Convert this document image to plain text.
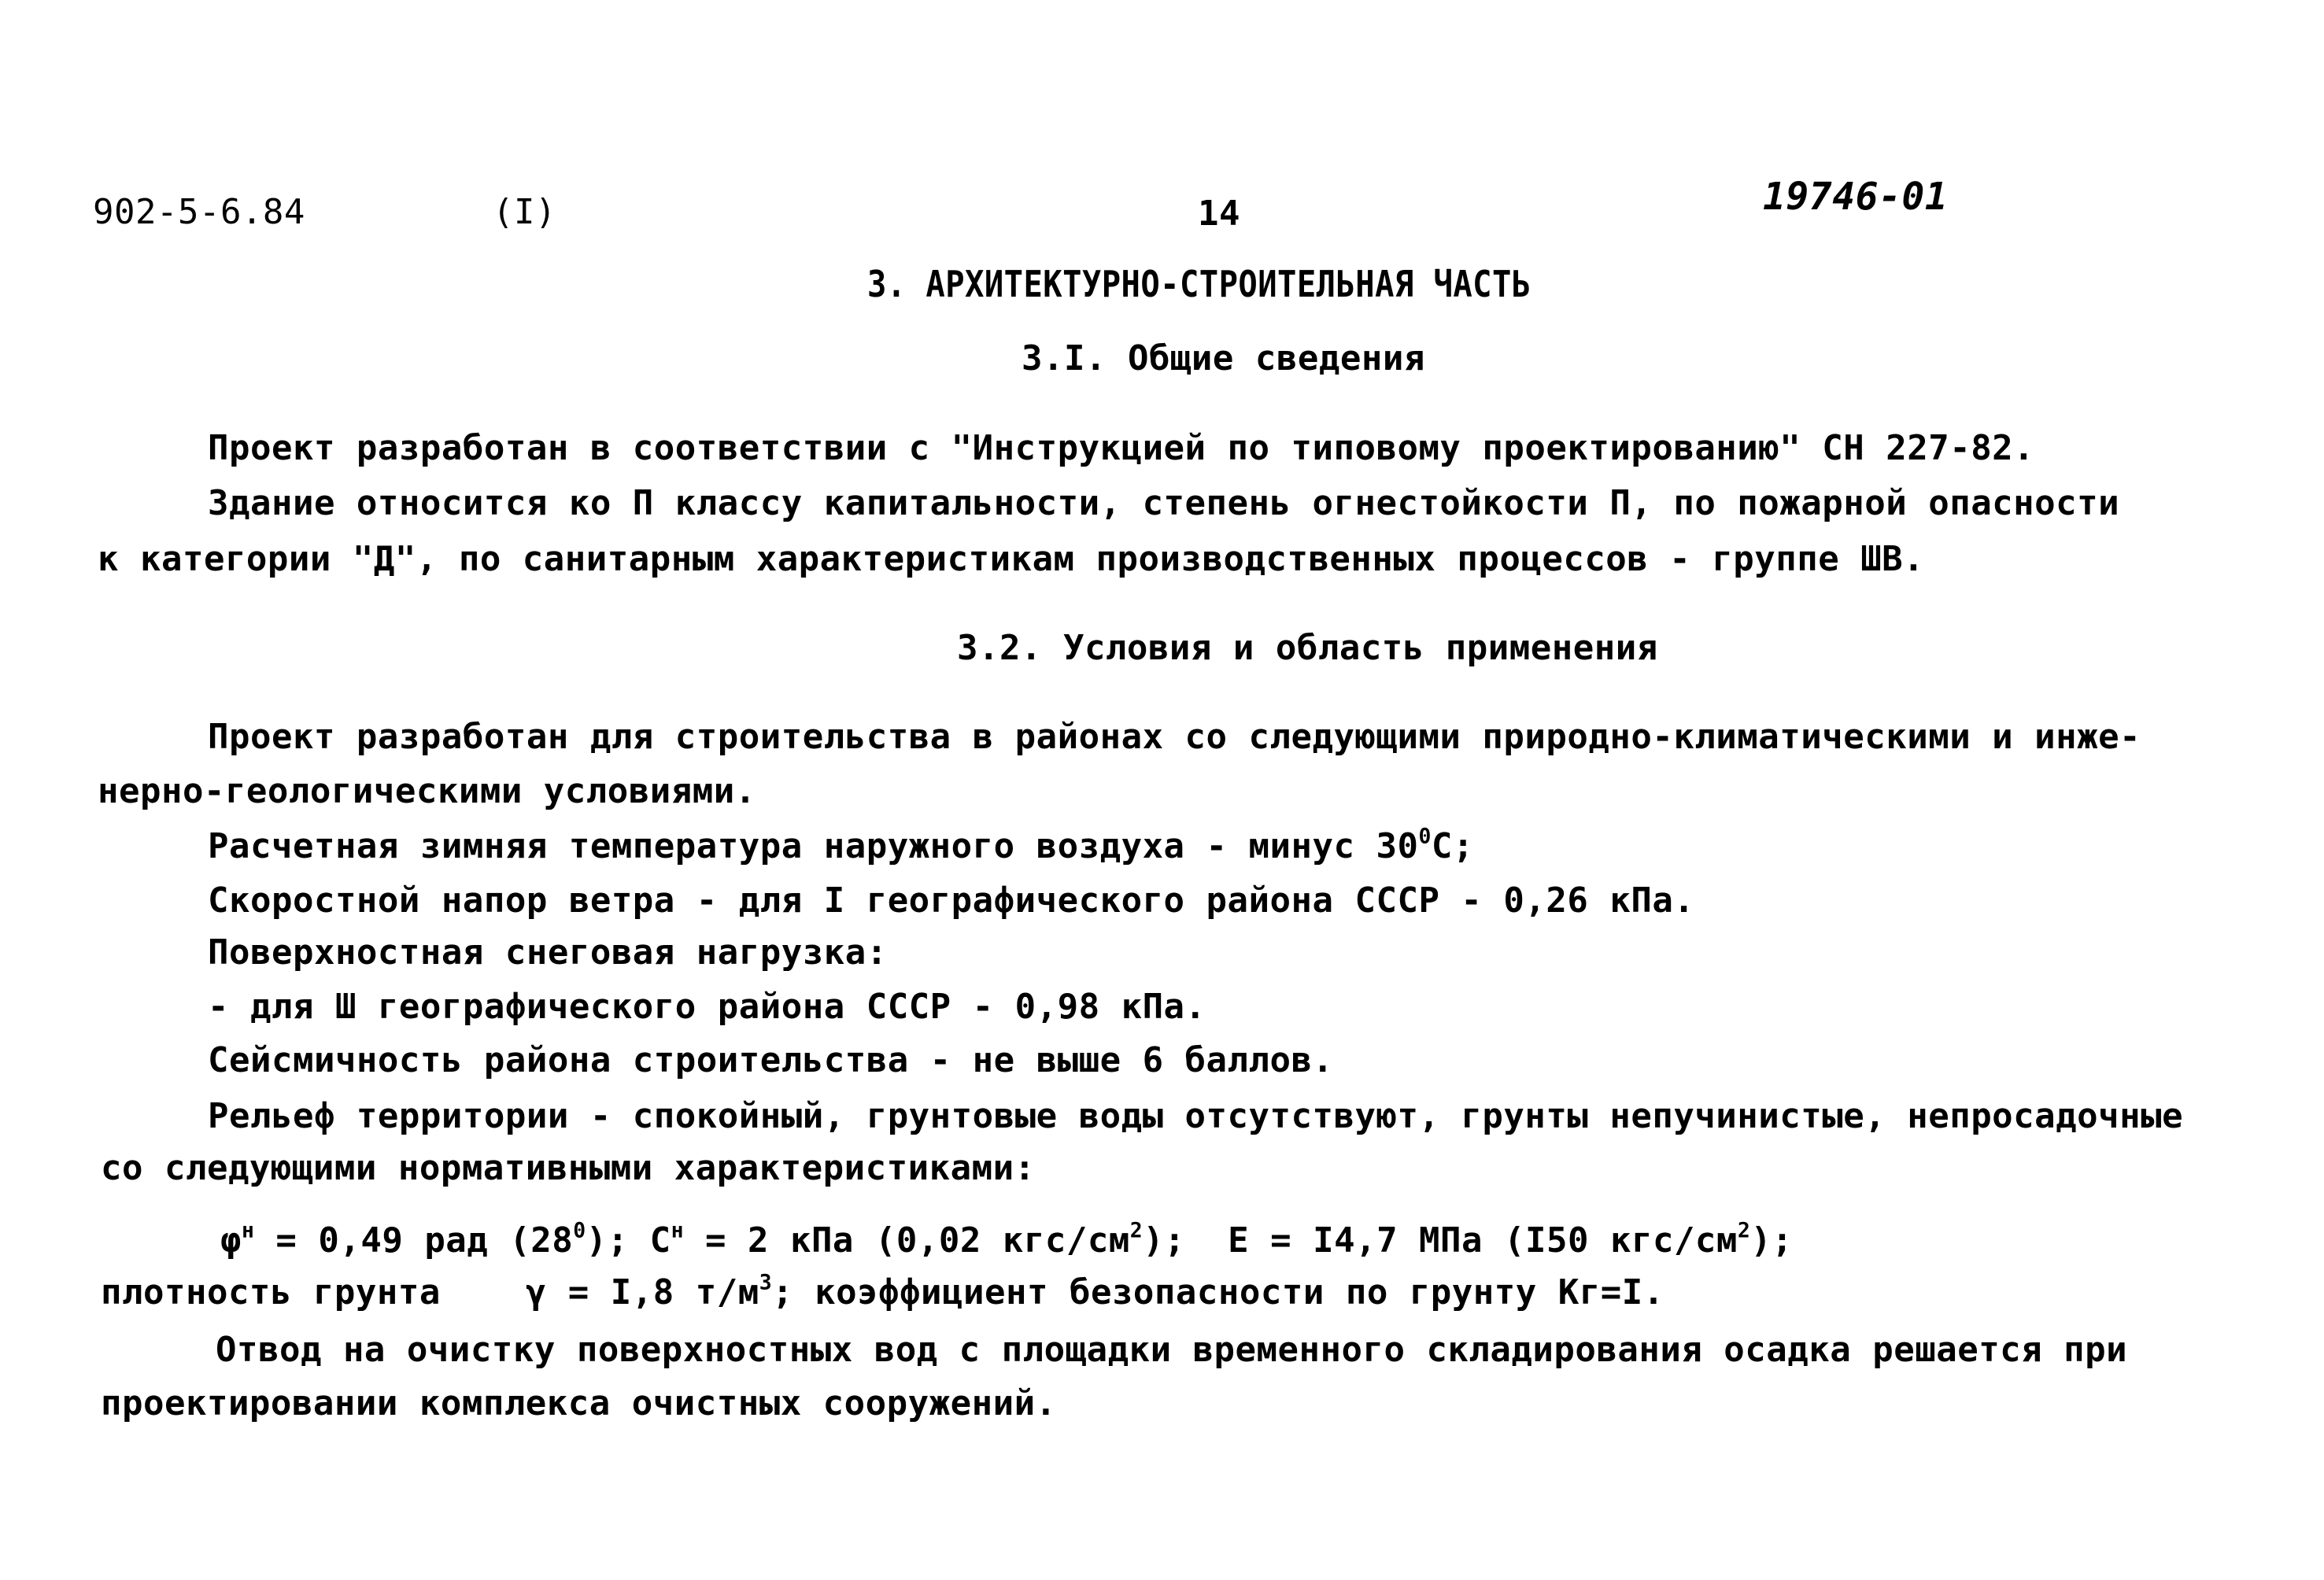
902-5-6.84	(I)	14	19746-01
3. АРХИТЕКТУРНО-СТРОИТЕЛЬНАЯ ЧАСТЬ
3.I. Общие сведения
Проект разработан в соответствии с "Инструкцией по типовому проектированию" СН 227-82.
Здание относится ко П классу капитальности, степень огнестойкости П, по пожарной опасности
к категории "Д", по санитарным характеристикам производственных процессов - группе ШВ.
3.2. Условия и область применения
Проект разработан для строительства в районах со следующими природно-климатическими и инже-
нерно-геологическими условиями.
Расчетная зимняя температура наружного воздуха - минус $30^0C$;
Скоростной напор ветра - для I географического района СССР - 0,26 кПа.
Поверхностная снеговая нагрузка:
- для Ш географического района СССР - 0,98 кПа.
Сейсмичность района строительства - не выше 6 баллов.
Рельеф территории - спокойный, грунтовые воды отсутствуют, грунты непучинистые, непросадочные
со следующими нормативными характеристиками:
$\varphi^н = 0,49$ рад $(28^0)$; $С^н = 2$ кПа (0,02 кгс/$см^2$);  Е = I4,7 МПа (I50 кгс/$см^2$);
плотность грунта    γ = I,8 $т/м^3$; коэффициент безопасности по грунту Кг=I.
Отвод на очистку поверхностных вод с площадки временного складирования осадка решается при
проектировании комплекса очистных сооружений.
